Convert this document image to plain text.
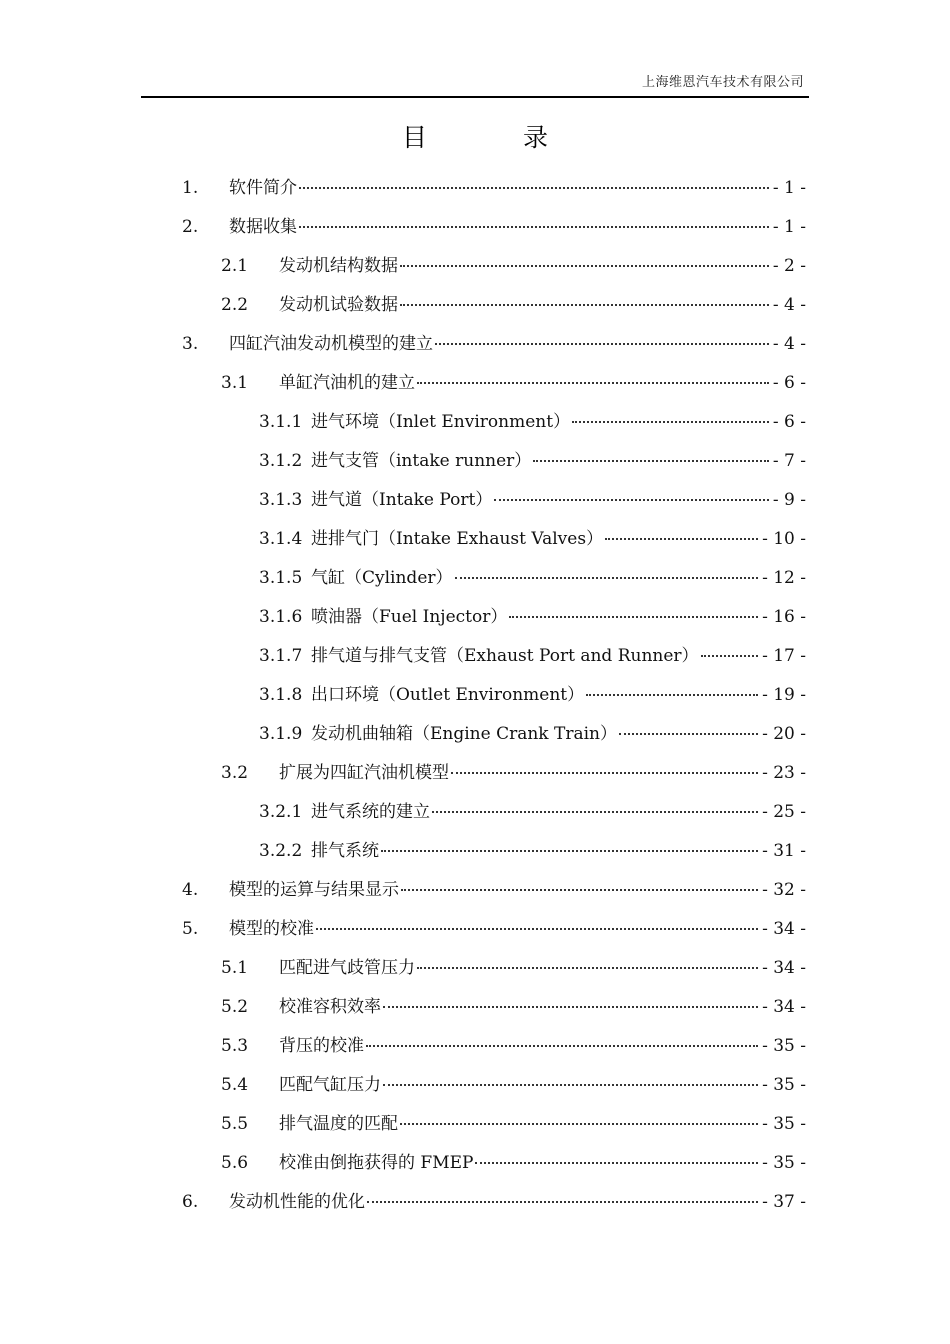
上海维恩汽车技术有限公司
目 录
1.	软件简介	- 1 -
2.	数据收集	- 1 -
2.1	发动机结构数据	- 2 -
2.2	发动机试验数据	- 4 -
3.	四缸汽油发动机模型的建立	- 4 -
3.1	单缸汽油机的建立	- 6 -
3.1.1 进气环境（Inlet Environment）	- 6 -
3.1.2 进气支管（intake runner）	- 7 -
3.1.3 进气道（Intake Port）	- 9 -
3.1.4 进排气门（Intake Exhaust Valves）	- 10 -
3.1.5 气缸（Cylinder）	- 12 -
3.1.6 喷油器（Fuel Injector）	- 16 -
3.1.7 排气道与排气支管（Exhaust Port and Runner）	- 17 -
3.1.8 出口环境（Outlet Environment）	- 19 -
3.1.9 发动机曲轴箱（Engine Crank Train）	- 20 -
3.2	扩展为四缸汽油机模型	- 23 -
3.2.1 进气系统的建立	- 25 -
3.2.2 排气系统	- 31 -
4.	模型的运算与结果显示	- 32 -
5.	模型的校准	- 34 -
5.1	匹配进气歧管压力	- 34 -
5.2	校准容积效率	- 34 -
5.3	背压的校准	- 35 -
5.4	匹配气缸压力	- 35 -
5.5	排气温度的匹配	- 35 -
5.6	校准由倒拖获得的 FMEP	- 35 -
6.	发动机性能的优化	- 37 -
